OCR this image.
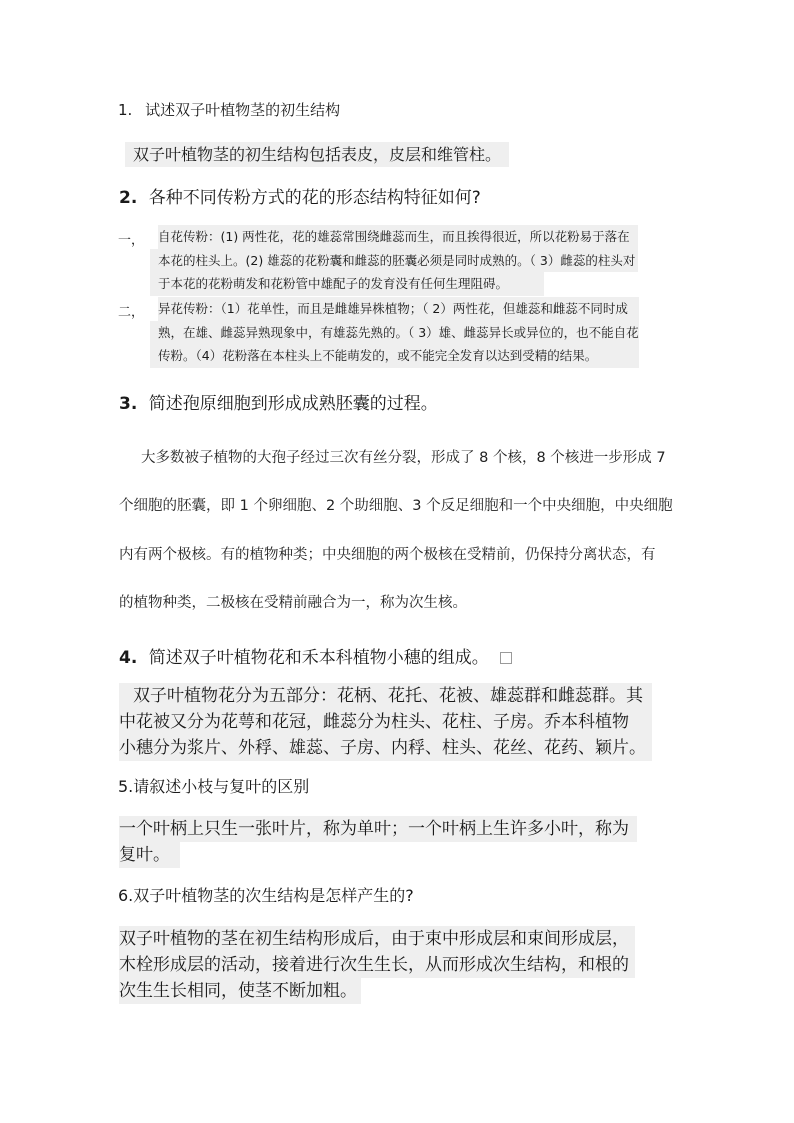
1. 试述双子叶植物茎的初生结构
双子叶植物茎的初生结构包括表皮，皮层和维管柱。
2. 各种不同传粉方式的花的形态结构特征如何?
一， 自花传粉：(1) 两性花，花的雄蕊常围绕雌蕊而生，而且挨得很近，所以花粉易于落在
本花的柱头上。(2) 雄蕊的花粉囊和雌蕊的胚囊必须是同时成熟的。（ 3）雌蕊的柱头对
于本花的花粉萌发和花粉管中雄配子的发育没有任何生理阻碍。
二， 异花传粉：（1）花单性，而且是雌雄异株植物；（ 2）两性花，但雄蕊和雌蕊不同时成
熟，在雄、雌蕊异熟现象中，有雄蕊先熟的。（ 3）雄、雌蕊异长或异位的，也不能自花
传粉。（4）花粉落在本柱头上不能萌发的，或不能完全发育以达到受精的结果。
3. 简述孢原细胞到形成成熟胚囊的过程。
大多数被子植物的大孢子经过三次有丝分裂，形成了 8 个核，8 个核进一步形成 7
个细胞的胚囊，即 1 个卵细胞、2 个助细胞、3 个反足细胞和一个中央细胞，中央细胞
内有两个极核。有的植物种类；中央细胞的两个极核在受精前，仍保持分离状态，有
的植物种类，二极核在受精前融合为一，称为次生核。
4. 简述双子叶植物花和禾本科植物小穗的组成。
双子叶植物花分为五部分：花柄、花托、花被、雄蕊群和雌蕊群。其
中花被又分为花萼和花冠，雌蕊分为柱头、花柱、子房。乔本科植物
小穗分为浆片、外稃、雄蕊、子房、内稃、柱头、花丝、花药、颖片。
5.请叙述小枝与复叶的区别
一个叶柄上只生一张叶片，称为单叶；一个叶柄上生许多小叶，称为
复叶。
6.双子叶植物茎的次生结构是怎样产生的?
双子叶植物的茎在初生结构形成后，由于束中形成层和束间形成层，
木栓形成层的活动，接着进行次生生长，从而形成次生结构，和根的
次生生长相同，使茎不断加粗。
